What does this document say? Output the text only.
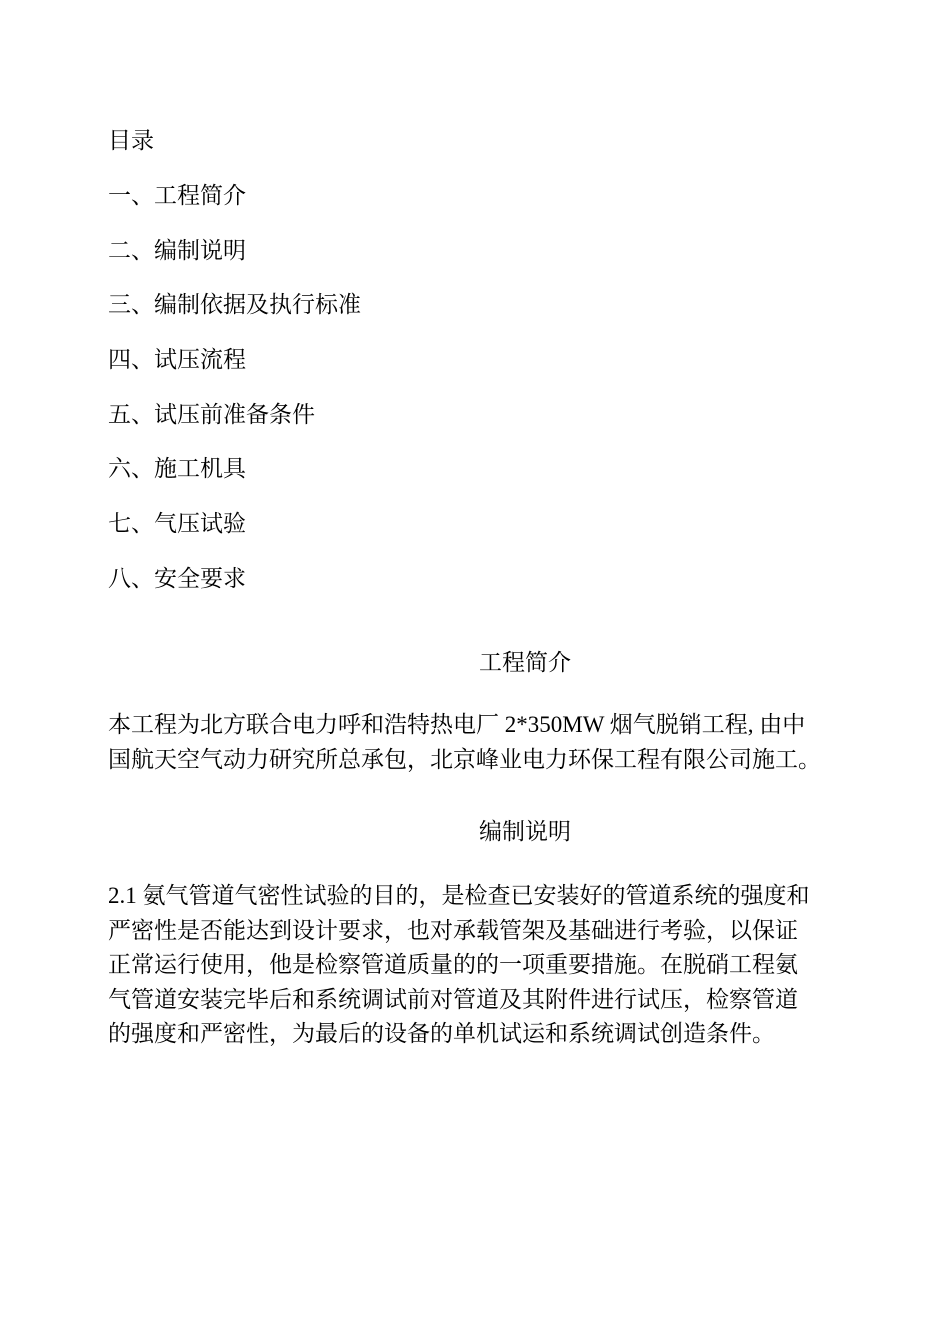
目录
一、工程简介
二、编制说明
三、编制依据及执行标准
四、试压流程
五、试压前准备条件
六、施工机具
七、气压试验
八、安全要求
工程简介
本工程为北方联合电力呼和浩特热电厂 2*350MW 烟气脱销工程, 由中
国航天空气动力研究所总承包，北京峰业电力环保工程有限公司施工。
编制说明
2.1 氨气管道气密性试验的目的，是检查已安装好的管道系统的强度和
严密性是否能达到设计要求，也对承载管架及基础进行考验，以保证
正常运行使用，他是检察管道质量的的一项重要措施。在脱硝工程氨
气管道安装完毕后和系统调试前对管道及其附件进行试压，检察管道
的强度和严密性，为最后的设备的单机试运和系统调试创造条件。
